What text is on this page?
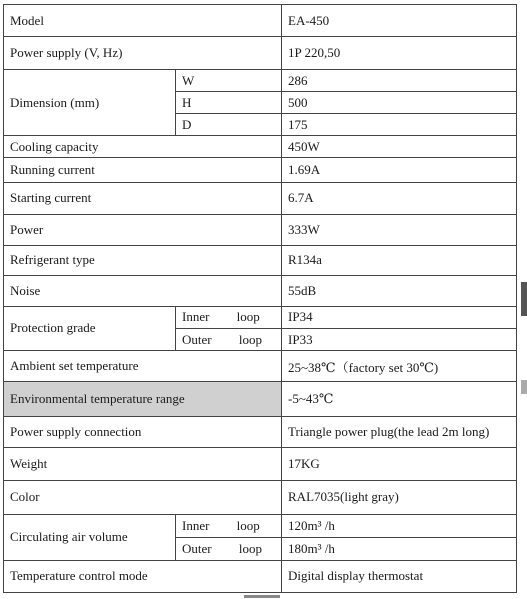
Model		EA-450
Power supply (V, Hz)		1P 220,50
Dimension (mm)	W	286
	H	500
	D	175
Cooling capacity		450W
Running current		1.69A
Starting current		6.7A
Power		333W
Refrigerant type		R134a
Noise		55dB
Protection grade	Inner loop	IP34
	Outer loop	IP33
Ambient set temperature		25~38℃（factory set 30℃)
Environmental temperature range		-5~43℃
Power supply connection		Triangle power plug(the lead 2m long)
Weight		17KG
Color		RAL7035(light gray)
Circulating air volume	Inner loop	120m³ /h
	Outer loop	180m³ /h
Temperature control mode		Digital display thermostat
